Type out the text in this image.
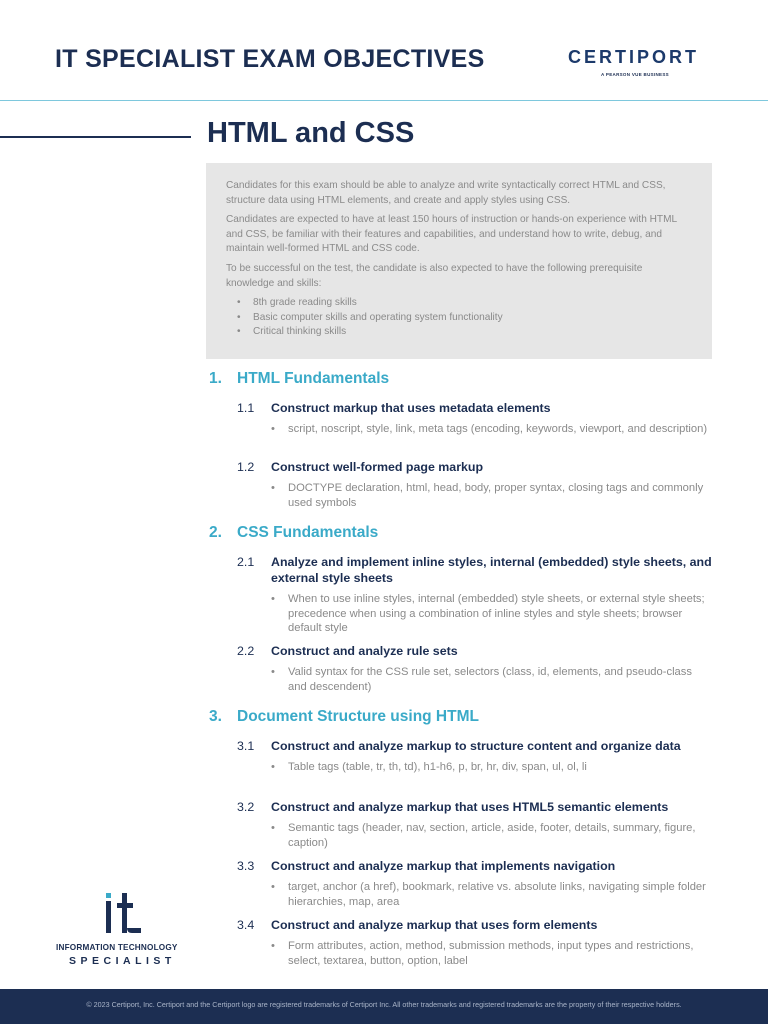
IT SPECIALIST EXAM OBJECTIVES	CERTIPORT
A PEARSON VUE BUSINESS
HTML and CSS

Candidates for this exam should be able to analyze and write syntactically correct HTML and CSS, structure data using HTML elements, and create and apply styles using CSS.

Candidates are expected to have at least 150 hours of instruction or hands-on experience with HTML and CSS, be familiar with their features and capabilities, and understand how to write, debug, and maintain well-formed HTML and CSS code.

To be successful on the test, the candidate is also expected to have the following prerequisite knowledge and skills:

• 8th grade reading skills
• Basic computer skills and operating system functionality
• Critical thinking skills
1. HTML Fundamentals
1.1 Construct markup that uses metadata elements
• script, noscript, style, link, meta tags (encoding, keywords, viewport, and description)
1.2 Construct well-formed page markup
• DOCTYPE declaration, html, head, body, proper syntax, closing tags and commonly used symbols
2. CSS Fundamentals
2.1 Analyze and implement inline styles, internal (embedded) style sheets, and external style sheets
• When to use inline styles, internal (embedded) style sheets, or external style sheets; precedence when using a combination of inline styles and style sheets; browser default style
2.2 Construct and analyze rule sets
• Valid syntax for the CSS rule set, selectors (class, id, elements, and pseudo-class and descendent)
3. Document Structure using HTML
3.1 Construct and analyze markup to structure content and organize data
• Table tags (table, tr, th, td), h1-h6, p, br, hr, div, span, ul, ol, li
3.2 Construct and analyze markup that uses HTML5 semantic elements
• Semantic tags (header, nav, section, article, aside, footer, details, summary, figure, caption)
3.3 Construct and analyze markup that implements navigation
• target, anchor (a href), bookmark, relative vs. absolute links, navigating simple folder hierarchies, map, area
3.4 Construct and analyze markup that uses form elements
• Form attributes, action, method, submission methods, input types and restrictions, select, textarea, button, option, label
INFORMATION TECHNOLOGY
SPECIALIST
© 2023 Certiport, Inc. Certiport and the Certiport logo are registered trademarks of Certiport Inc. All other trademarks and registered trademarks are the property of their respective holders.
